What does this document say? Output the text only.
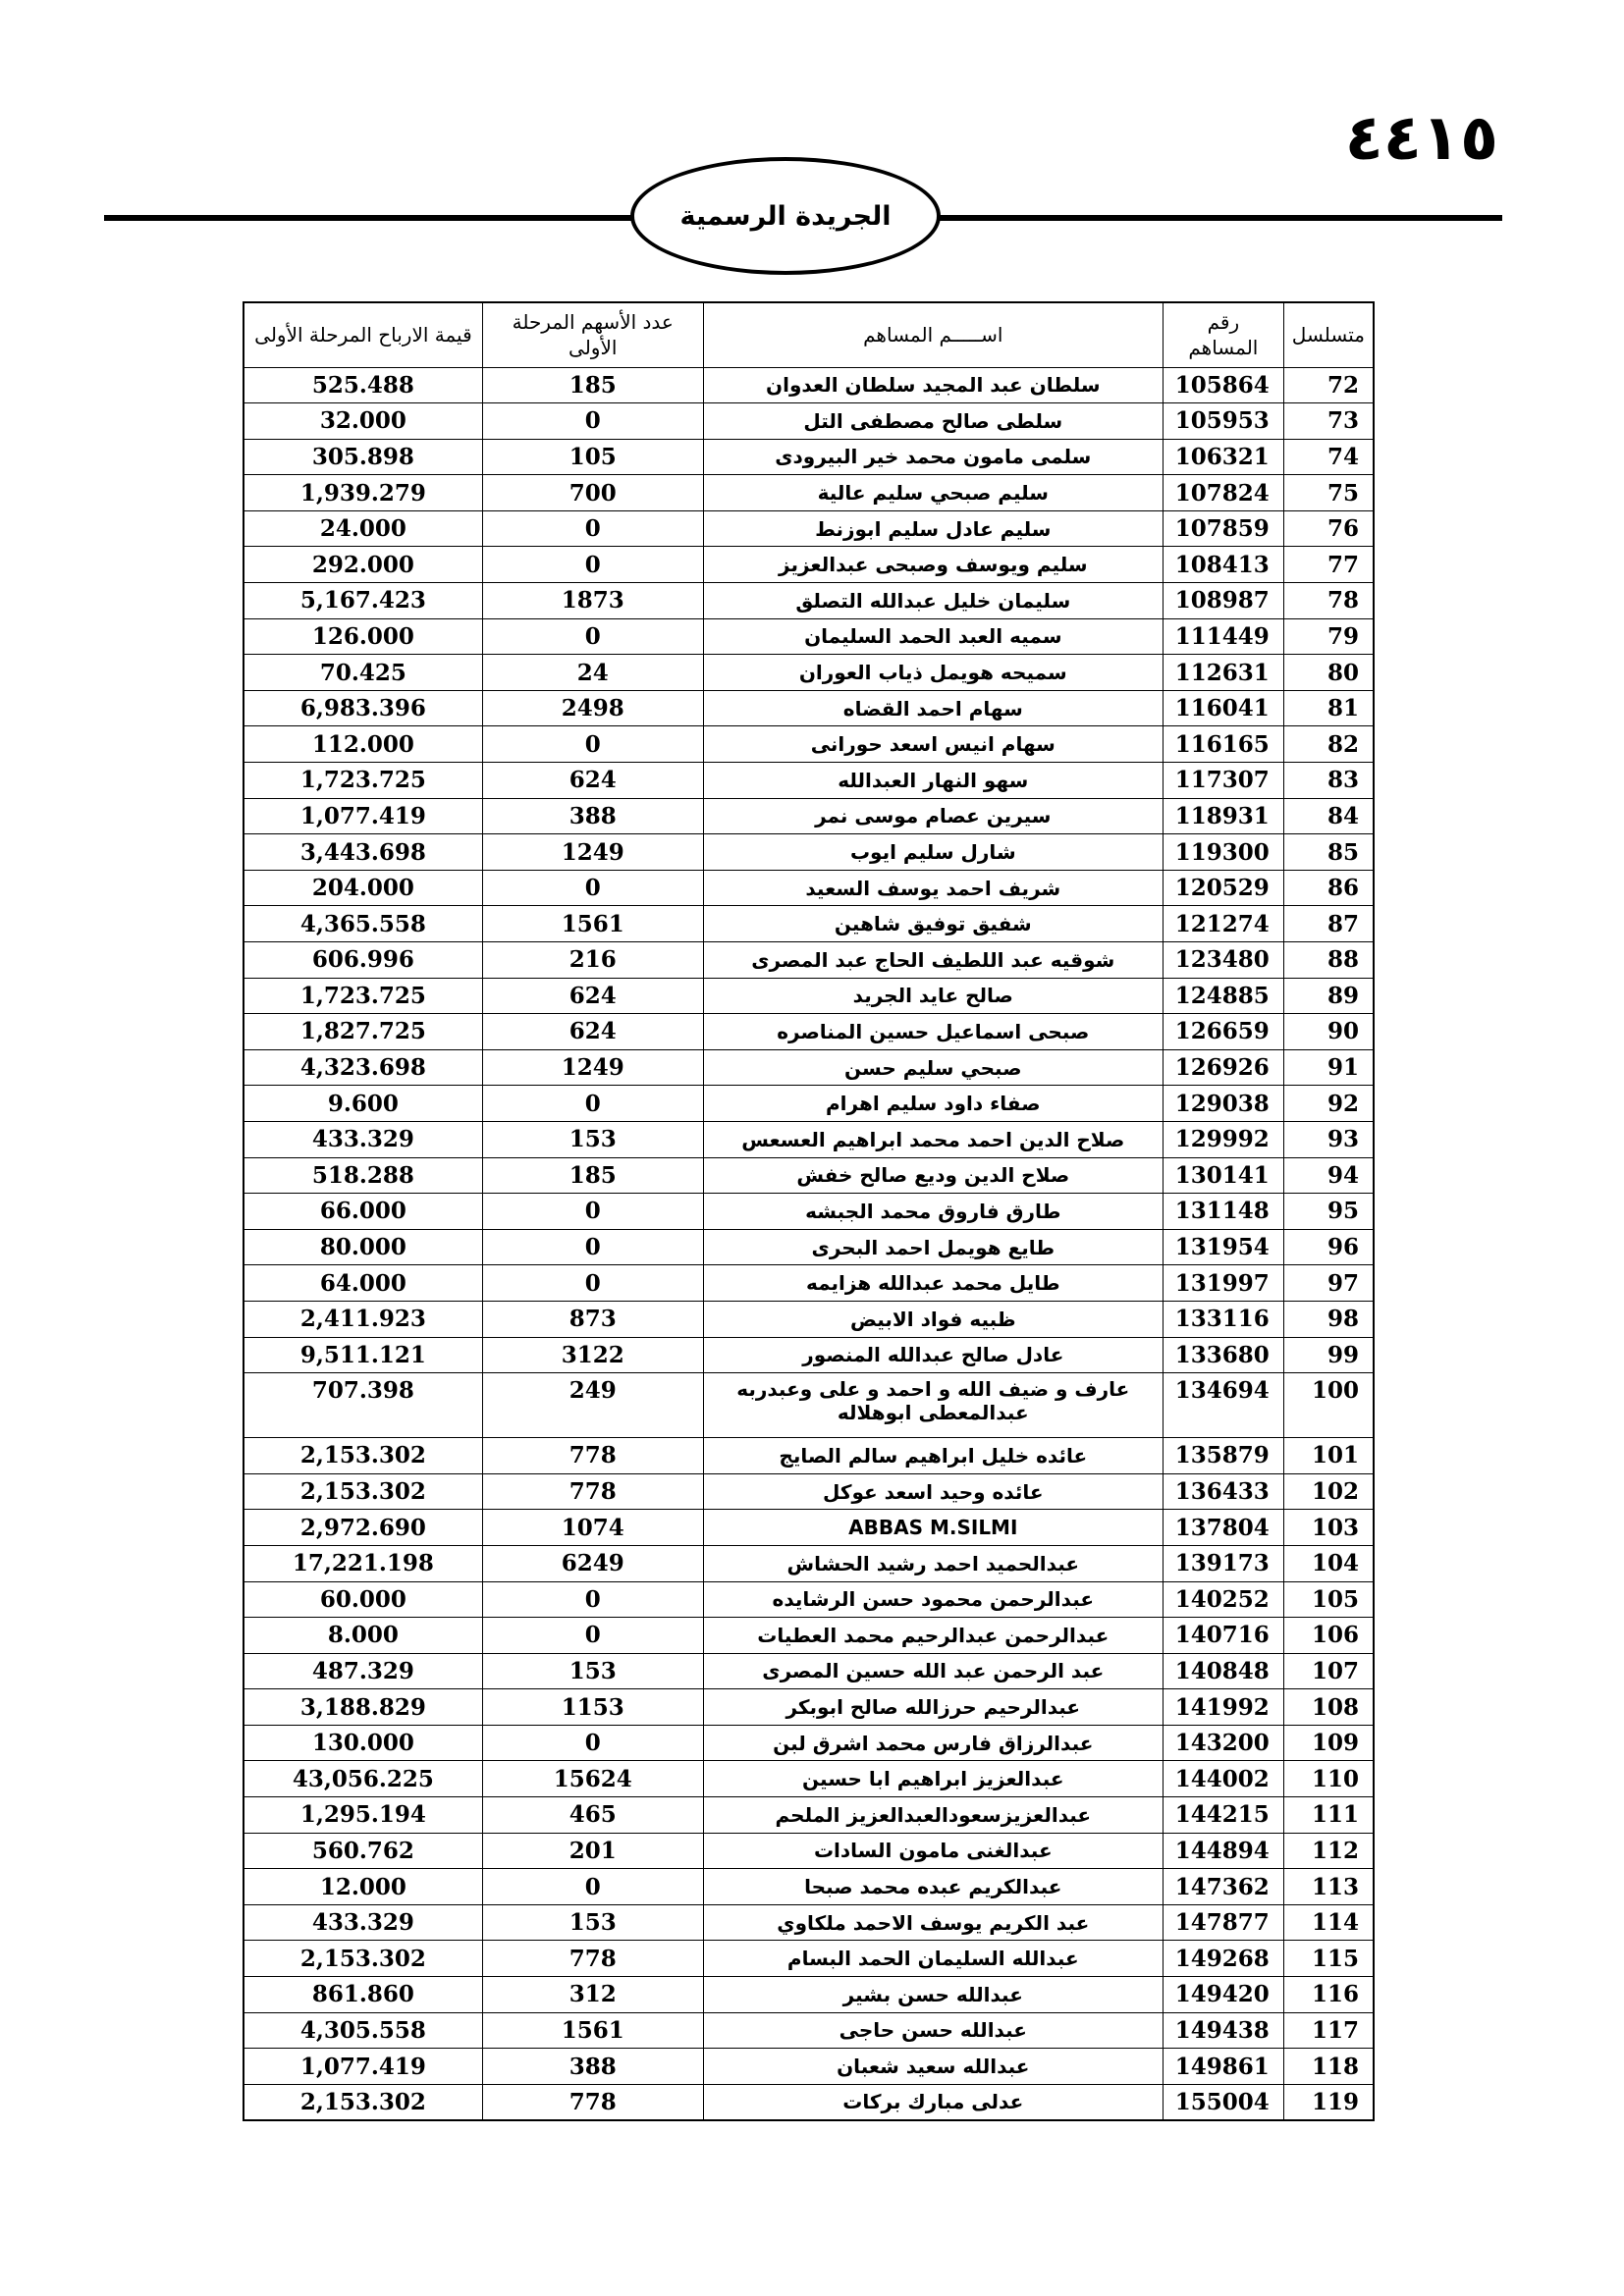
٤٤١٥
الجريدة الرسمية
متسلسل	رقم المساهم	اســـــم المساهم	عدد الأسهم المرحلة الأولى	قيمة الارباح المرحلة الأولى
72	105864	سلطان عبد المجيد سلطان العدوان	185	525.488
73	105953	سلطى صالح مصطفى التل	0	32.000
74	106321	سلمى مامون محمد خير البيرودى	105	305.898
75	107824	سليم صبحي سليم عالية	700	1,939.279
76	107859	سليم عادل سليم ابوزنط	0	24.000
77	108413	سليم ويوسف وصبحى عبدالعزيز	0	292.000
78	108987	سليمان خليل عبدالله التصلق	1873	5,167.423
79	111449	سميه العبد الحمد السليمان	0	126.000
80	112631	سميحه هويمل ذياب العوران	24	70.425
81	116041	سهام احمد القضاه	2498	6,983.396
82	116165	سهام انيس اسعد حورانى	0	112.000
83	117307	سهو النهار العبدالله	624	1,723.725
84	118931	سيرين عصام موسى نمر	388	1,077.419
85	119300	شارل سليم ايوب	1249	3,443.698
86	120529	شريف احمد يوسف السعيد	0	204.000
87	121274	شفيق توفيق شاهين	1561	4,365.558
88	123480	شوقيه عبد اللطيف الحاج عبد المصرى	216	606.996
89	124885	صالح عايد الجريد	624	1,723.725
90	126659	صبحى اسماعيل حسين المناصره	624	1,827.725
91	126926	صبحي سليم حسن	1249	4,323.698
92	129038	صفاء داود سليم اهرام	0	9.600
93	129992	صلاح الدين احمد محمد ابراهيم العسعس	153	433.329
94	130141	صلاح الدين وديع صالح خفش	185	518.288
95	131148	طارق فاروق محمد الجبشه	0	66.000
96	131954	طايع هويمل احمد البحرى	0	80.000
97	131997	طايل محمد عبدالله هزايمه	0	64.000
98	133116	ظبيه فواد الابيض	873	2,411.923
99	133680	عادل صالح عبدالله المنصور	3122	9,511.121
100	134694	عارف و ضيف الله و احمد و على وعبدربه عبدالمعطى ابوهلاله	249	707.398
101	135879	عائده خليل ابراهيم سالم الصايج	778	2,153.302
102	136433	عائده وحيد اسعد عوكل	778	2,153.302
103	137804	ABBAS M.SILMI	1074	2,972.690
104	139173	عبدالحميد احمد رشيد الحشاش	6249	17,221.198
105	140252	عبدالرحمن محمود حسن الرشايده	0	60.000
106	140716	عبدالرحمن عبدالرحيم محمد العطيات	0	8.000
107	140848	عبد الرحمن عبد الله حسين المصرى	153	487.329
108	141992	عبدالرحيم حرزالله صالح ابوبكر	1153	3,188.829
109	143200	عبدالرزاق فارس محمد اشرق لبن	0	130.000
110	144002	عبدالعزيز ابراهيم ابا حسين	15624	43,056.225
111	144215	عبدالعزيزسعودالعبدالعزيز الملحم	465	1,295.194
112	144894	عبدالغنى مامون السادات	201	560.762
113	147362	عبدالكريم عبده محمد صبحا	0	12.000
114	147877	عبد الكريم يوسف الاحمد ملكاوي	153	433.329
115	149268	عبدالله السليمان الحمد البسام	778	2,153.302
116	149420	عبدالله حسن بشير	312	861.860
117	149438	عبدالله حسن حاجى	1561	4,305.558
118	149861	عبدالله سعيد شعبان	388	1,077.419
119	155004	عدلى مبارك بركات	778	2,153.302
